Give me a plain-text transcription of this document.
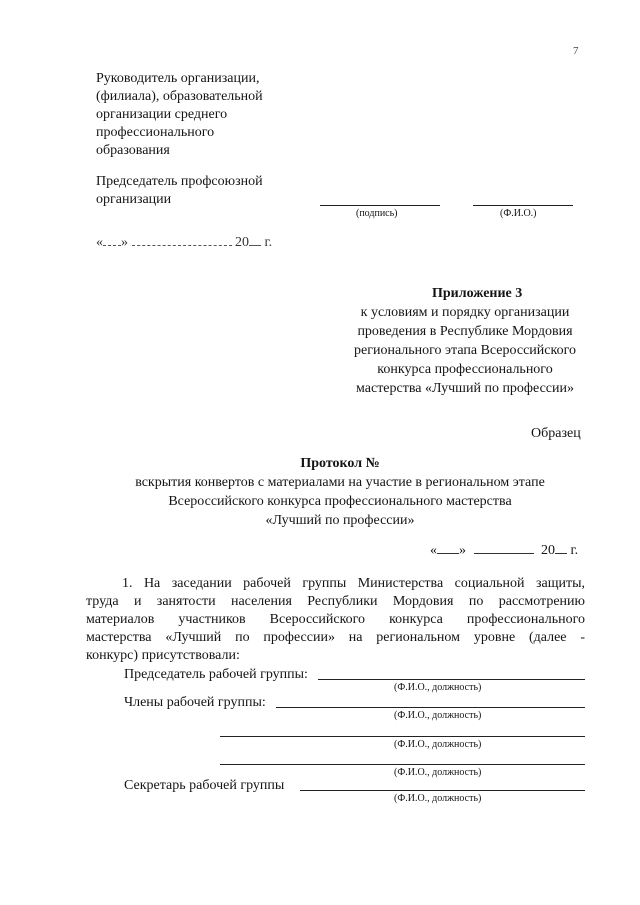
7
Руководитель организации,
(филиала), образовательной
организации среднего
профессионального
образования
Председатель профсоюзной
организации
(подпись)	(Ф.И.О.)
« »	20 г.
Приложение 3
к условиям и порядку организации
проведения в Республике Мордовия
регионального этапа Всероссийского
конкурса профессионального
мастерства «Лучший по профессии»
Образец
Протокол №
вскрытия конвертов с материалами на участие в региональном этапе
Всероссийского конкурса профессионального мастерства
«Лучший по профессии»
« »	20 г.
1. На заседании рабочей группы Министерства социальной защиты,
труда и занятости населения Республики Мордовия по рассмотрению
материалов участников Всероссийского конкурса профессионального
мастерства «Лучший по профессии» на региональном уровне (далее -
конкурс) присутствовали:
Председатель рабочей группы:
(Ф.И.О., должность)
Члены рабочей группы:
(Ф.И.О., должность)
(Ф.И.О., должность)
(Ф.И.О., должность)
Секретарь рабочей группы
(Ф.И.О., должность)
